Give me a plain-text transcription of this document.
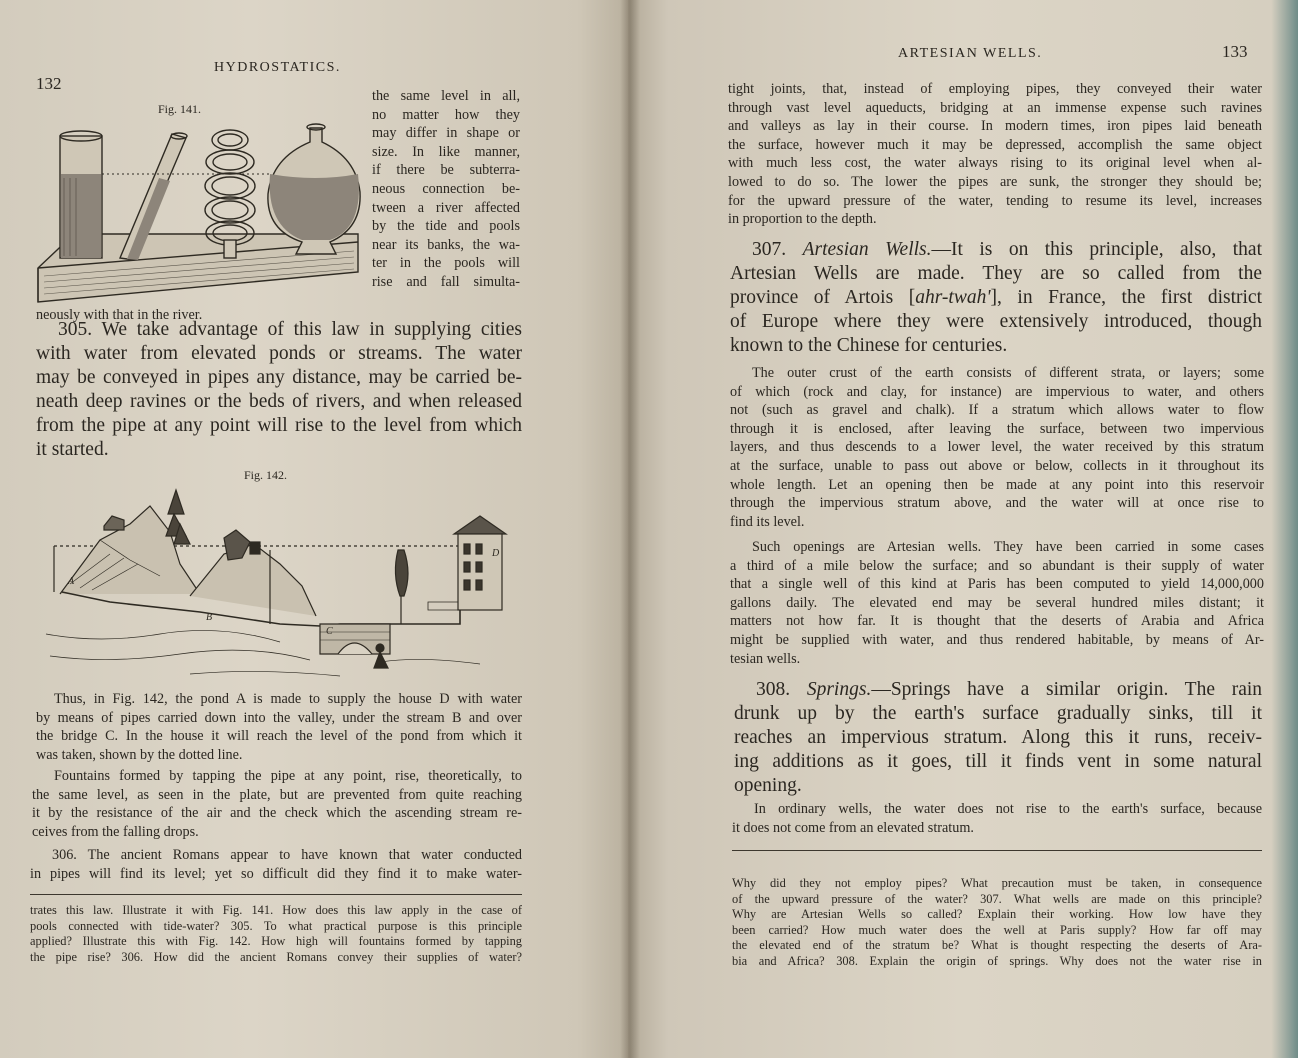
132
HYDROSTATICS.
Fig. 141.
the same level in all,
no matter how they
may differ in shape or
size. In like manner,
if there be subterra-
neous connection be-
tween a river affected
by the tide and pools
near its banks, the wa-
ter in the pools will
rise and fall simulta-
neously with that in the river.
305. We take advantage of this law in supplying cities
with water from elevated ponds or streams. The water
may be conveyed in pipes any distance, may be carried be-
neath deep ravines or the beds of rivers, and when released
from the pipe at any point will rise to the level from which
it started.
Fig. 142.
A
B
C
D
Thus, in Fig. 142, the pond A is made to supply the house D with water
by means of pipes carried down into the valley, under the stream B and over
the bridge C. In the house it will reach the level of the pond from which it
was taken, shown by the dotted line.
Fountains formed by tapping the pipe at any point, rise, theoretically, to
the same level, as seen in the plate, but are prevented from quite reaching
it by the resistance of the air and the check which the ascending stream re-
ceives from the falling drops.
306. The ancient Romans appear to have known that water conducted
in pipes will find its level; yet so difficult did they find it to make water-
trates this law. Illustrate it with Fig. 141. How does this law apply in the case of
pools connected with tide-water? 305. To what practical purpose is this principle
applied? Illustrate this with Fig. 142. How high will fountains formed by tapping
the pipe rise? 306. How did the ancient Romans convey their supplies of water?
ARTESIAN WELLS.	133
tight joints, that, instead of employing pipes, they conveyed their water
through vast level aqueducts, bridging at an immense expense such ravines
and valleys as lay in their course. In modern times, iron pipes laid beneath
the surface, however much it may be depressed, accomplish the same object
with much less cost, the water always rising to its original level when al-
lowed to do so. The lower the pipes are sunk, the stronger they should be;
for the upward pressure of the water, tending to resume its level, increases
in proportion to the depth.
307. Artesian Wells.—It is on this principle, also, that
Artesian Wells are made. They are so called from the
province of Artois [ahr-twah'], in France, the first district
of Europe where they were extensively introduced, though
known to the Chinese for centuries.
The outer crust of the earth consists of different strata, or layers; some
of which (rock and clay, for instance) are impervious to water, and others
not (such as gravel and chalk). If a stratum which allows water to flow
through it is enclosed, after leaving the surface, between two impervious
layers, and thus descends to a lower level, the water received by this stratum
at the surface, unable to pass out above or below, collects in it throughout its
whole length. Let an opening then be made at any point into this reservoir
through the impervious stratum above, and the water will at once rise to
find its level.
Such openings are Artesian wells. They have been carried in some cases
a third of a mile below the surface; and so abundant is their supply of water
that a single well of this kind at Paris has been computed to yield 14,000,000
gallons daily. The elevated end may be several hundred miles distant; it
matters not how far. It is thought that the deserts of Arabia and Africa
might be supplied with water, and thus rendered habitable, by means of Ar-
tesian wells.
308. Springs.—Springs have a similar origin. The rain
drunk up by the earth's surface gradually sinks, till it
reaches an impervious stratum. Along this it runs, receiv-
ing additions as it goes, till it finds vent in some natural
opening.
In ordinary wells, the water does not rise to the earth's surface, because
it does not come from an elevated stratum.
Why did they not employ pipes? What precaution must be taken, in consequence
of the upward pressure of the water? 307. What wells are made on this principle?
Why are Artesian Wells so called? Explain their working. How low have they
been carried? How much water does the well at Paris supply? How far off may
the elevated end of the stratum be? What is thought respecting the deserts of Ara-
bia and Africa? 308. Explain the origin of springs. Why does not the water rise in
